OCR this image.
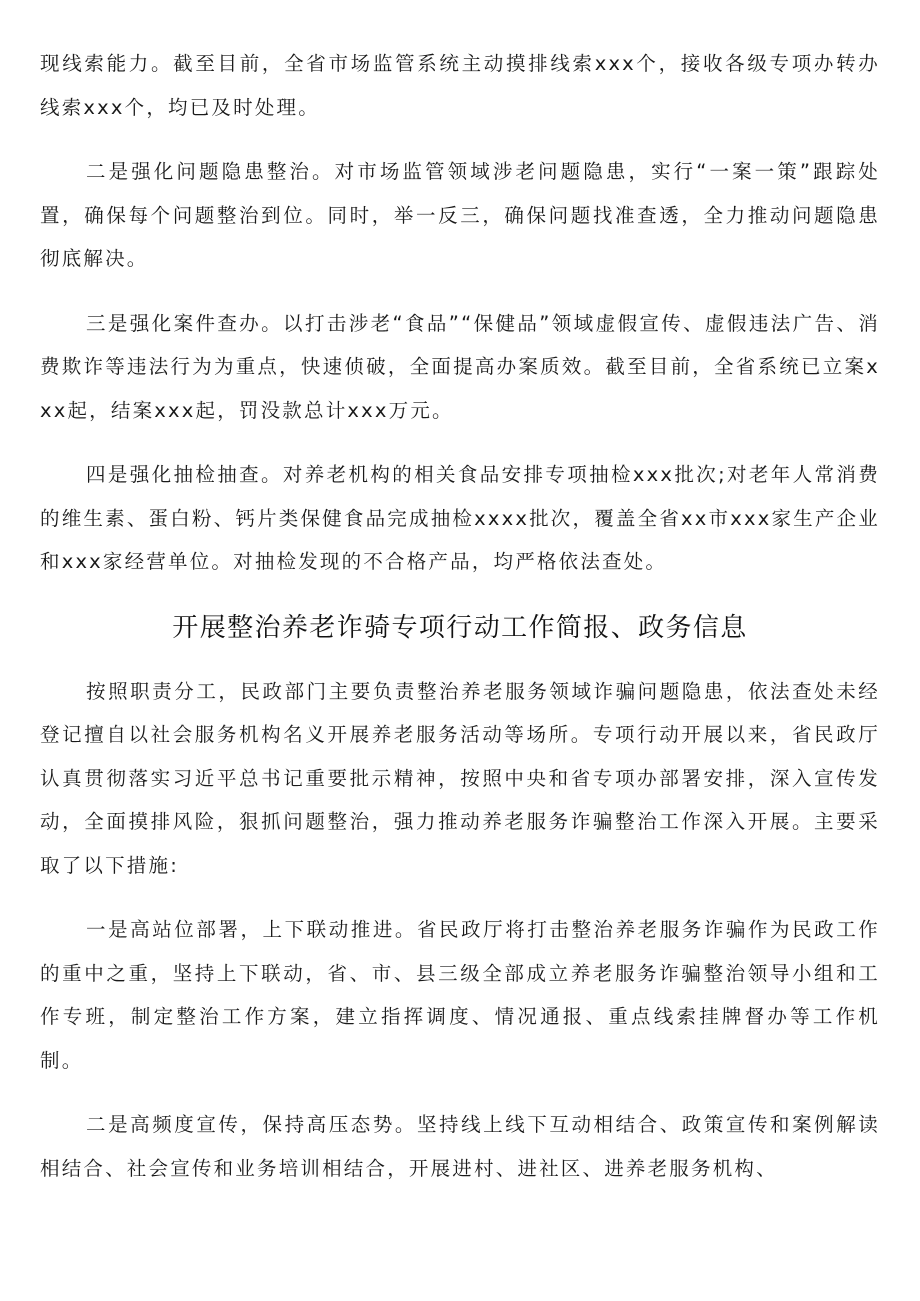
现线索能力。截至目前，全省市场监管系统主动摸排线索xxx个，接收各级专项办转办线索xxx个，均已及时处理。

二是强化问题隐患整治。对市场监管领域涉老问题隐患，实行“一案一策”跟踪处置，确保每个问题整治到位。同时，举一反三，确保问题找准查透，全力推动问题隐患彻底解决。

三是强化案件查办。以打击涉老“食品”“保健品”领域虚假宣传、虚假违法广告、消费欺诈等违法行为为重点，快速侦破，全面提高办案质效。截至目前，全省系统已立案xxx起，结案xxx起，罚没款总计xxx万元。

四是强化抽检抽查。对养老机构的相关食品安排专项抽检xxx批次;对老年人常消费的维生素、蛋白粉、钙片类保健食品完成抽检xxxx批次，覆盖全省xx市xxx家生产企业和xxx家经营单位。对抽检发现的不合格产品，均严格依法查处。

开展整治养老诈骑专项行动工作简报、政务信息

按照职责分工，民政部门主要负责整治养老服务领域诈骗问题隐患，依法查处未经登记擅自以社会服务机构名义开展养老服务活动等场所。专项行动开展以来，省民政厅认真贯彻落实习近平总书记重要批示精神，按照中央和省专项办部署安排，深入宣传发动，全面摸排风险，狠抓问题整治，强力推动养老服务诈骗整治工作深入开展。主要采取了以下措施:

一是高站位部署，上下联动推进。省民政厅将打击整治养老服务诈骗作为民政工作的重中之重，坚持上下联动，省、市、县三级全部成立养老服务诈骗整治领导小组和工作专班，制定整治工作方案，建立指挥调度、情况通报、重点线索挂牌督办等工作机制。

二是高频度宣传，保持高压态势。坚持线上线下互动相结合、政策宣传和案例解读相结合、社会宣传和业务培训相结合，开展进村、进社区、进养老服务机构、
